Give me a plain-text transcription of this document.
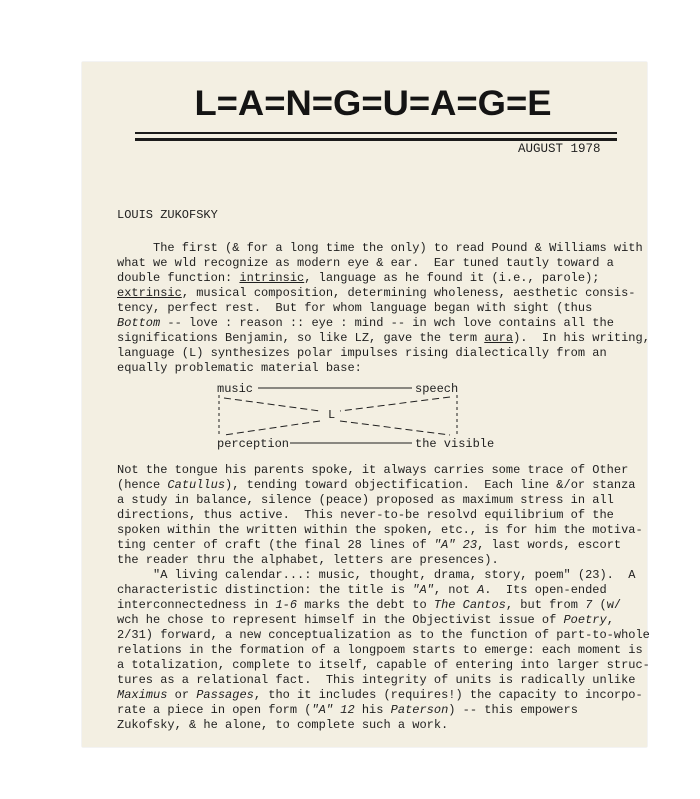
L=A=N=G=U=A=G=E
AUGUST 1978
LOUIS ZUKOFSKY
The first (& for a long time the only) to read Pound & Williams with
what we wld recognize as modern eye & ear.  Ear tuned tautly toward a
double function: intrinsic, language as he found it (i.e., parole);
extrinsic, musical composition, determining wholeness, aesthetic consis-
tency, perfect rest.  But for whom language began with sight (thus
Bottom -- love : reason :: eye : mind -- in wch love contains all the
significations Benjamin, so like LZ, gave the term aura).  In his writing,
language (L) synthesizes polar impulses rising dialectically from an
equally problematic material base:
music	speech
L
perception	the visible
Not the tongue his parents spoke, it always carries some trace of Other
(hence Catullus), tending toward objectification.  Each line &/or stanza
a study in balance, silence (peace) proposed as maximum stress in all
directions, thus active.  This never-to-be resolvd equilibrium of the
spoken within the written within the spoken, etc., is for him the motiva-
ting center of craft (the final 28 lines of "A" 23, last words, escort
the reader thru the alphabet, letters are presences).
"A living calendar...: music, thought, drama, story, poem" (23).  A
characteristic distinction: the title is "A", not A.  Its open-ended
interconnectedness in 1-6 marks the debt to The Cantos, but from 7 (w/
wch he chose to represent himself in the Objectivist issue of Poetry,
2/31) forward, a new conceptualization as to the function of part-to-whole
relations in the formation of a longpoem starts to emerge: each moment is
a totalization, complete to itself, capable of entering into larger struc-
tures as a relational fact.  This integrity of units is radically unlike
Maximus or Passages, tho it includes (requires!) the capacity to incorpo-
rate a piece in open form ("A" 12 his Paterson) -- this empowers
Zukofsky, & he alone, to complete such a work.
